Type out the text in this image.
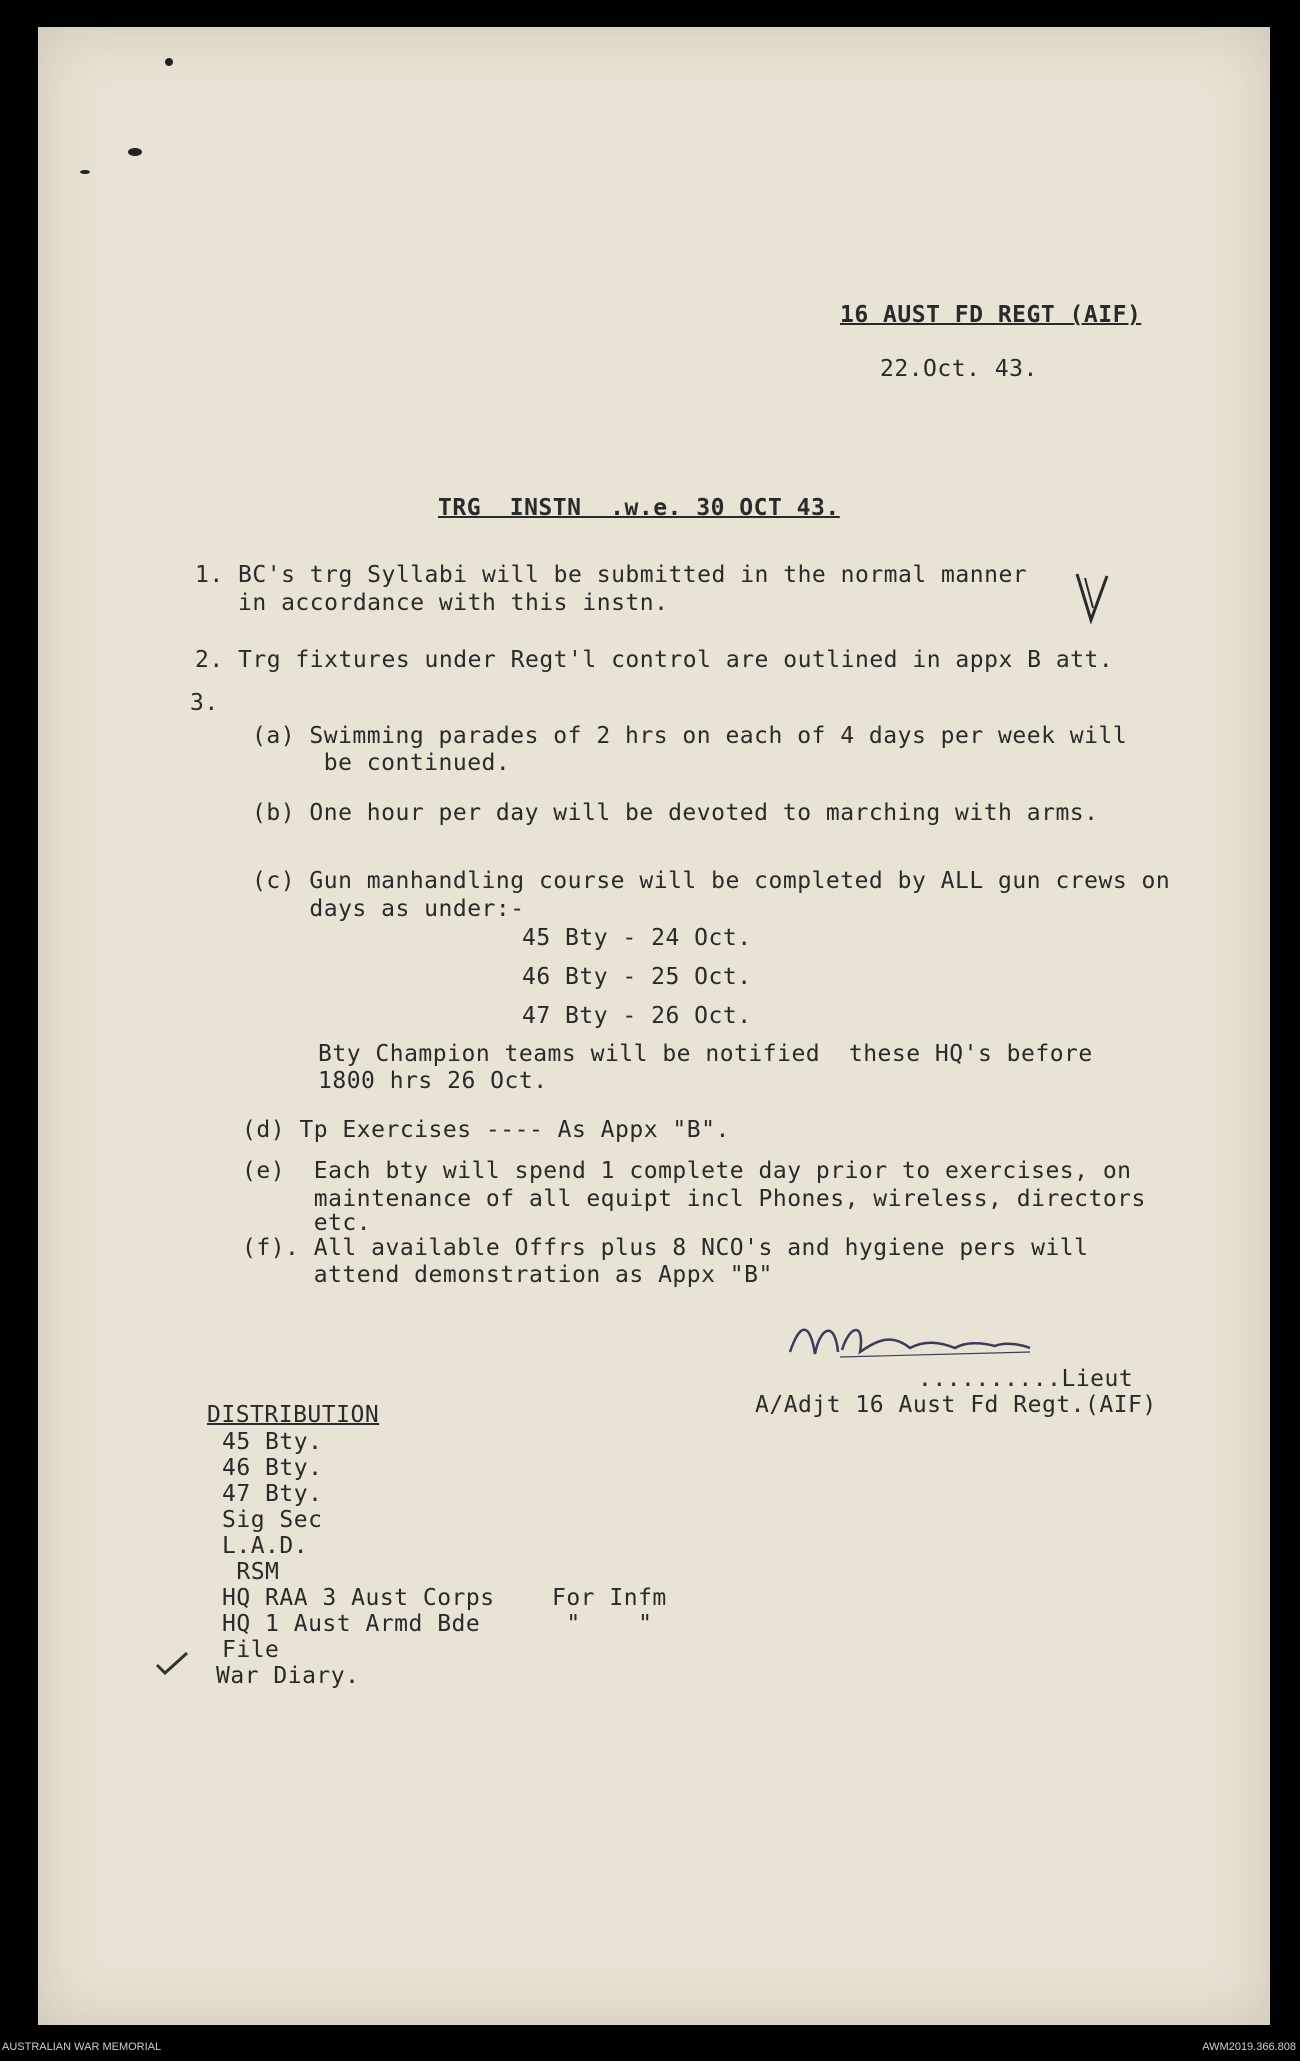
16 AUST FD REGT (AIF)
22.Oct. 43.
TRG  INSTN  .w.e. 30 OCT 43.
1. BC's trg Syllabi will be submitted in the normal manner
in accordance with this instn.
2. Trg fixtures under Regt'l control are outlined in appx B att.
3.
(a) Swimming parades of 2 hrs on each of 4 days per week will
be continued.
(b) One hour per day will be devoted to marching with arms.
(c) Gun manhandling course will be completed by ALL gun crews on
days as under:-
45 Bty - 24 Oct.
46 Bty - 25 Oct.
47 Bty - 26 Oct.
Bty Champion teams will be notified  these HQ's before
1800 hrs 26 Oct.
(d) Tp Exercises ---- As Appx "B".
(e)  Each bty will spend 1 complete day prior to exercises, on
maintenance of all equipt incl Phones, wireless, directors
etc.
(f). All available Offrs plus 8 NCO's and hygiene pers will
attend demonstration as Appx "B"
..........Lieut
A/Adjt 16 Aust Fd Regt.(AIF)
DISTRIBUTION
45 Bty.
46 Bty.
47 Bty.
Sig Sec
L.A.D.
RSM
HQ RAA 3 Aust Corps    For Infm
HQ 1 Aust Armd Bde      "    "
File
War Diary.
AUSTRALIAN WAR MEMORIAL	AWM2019.366.808
